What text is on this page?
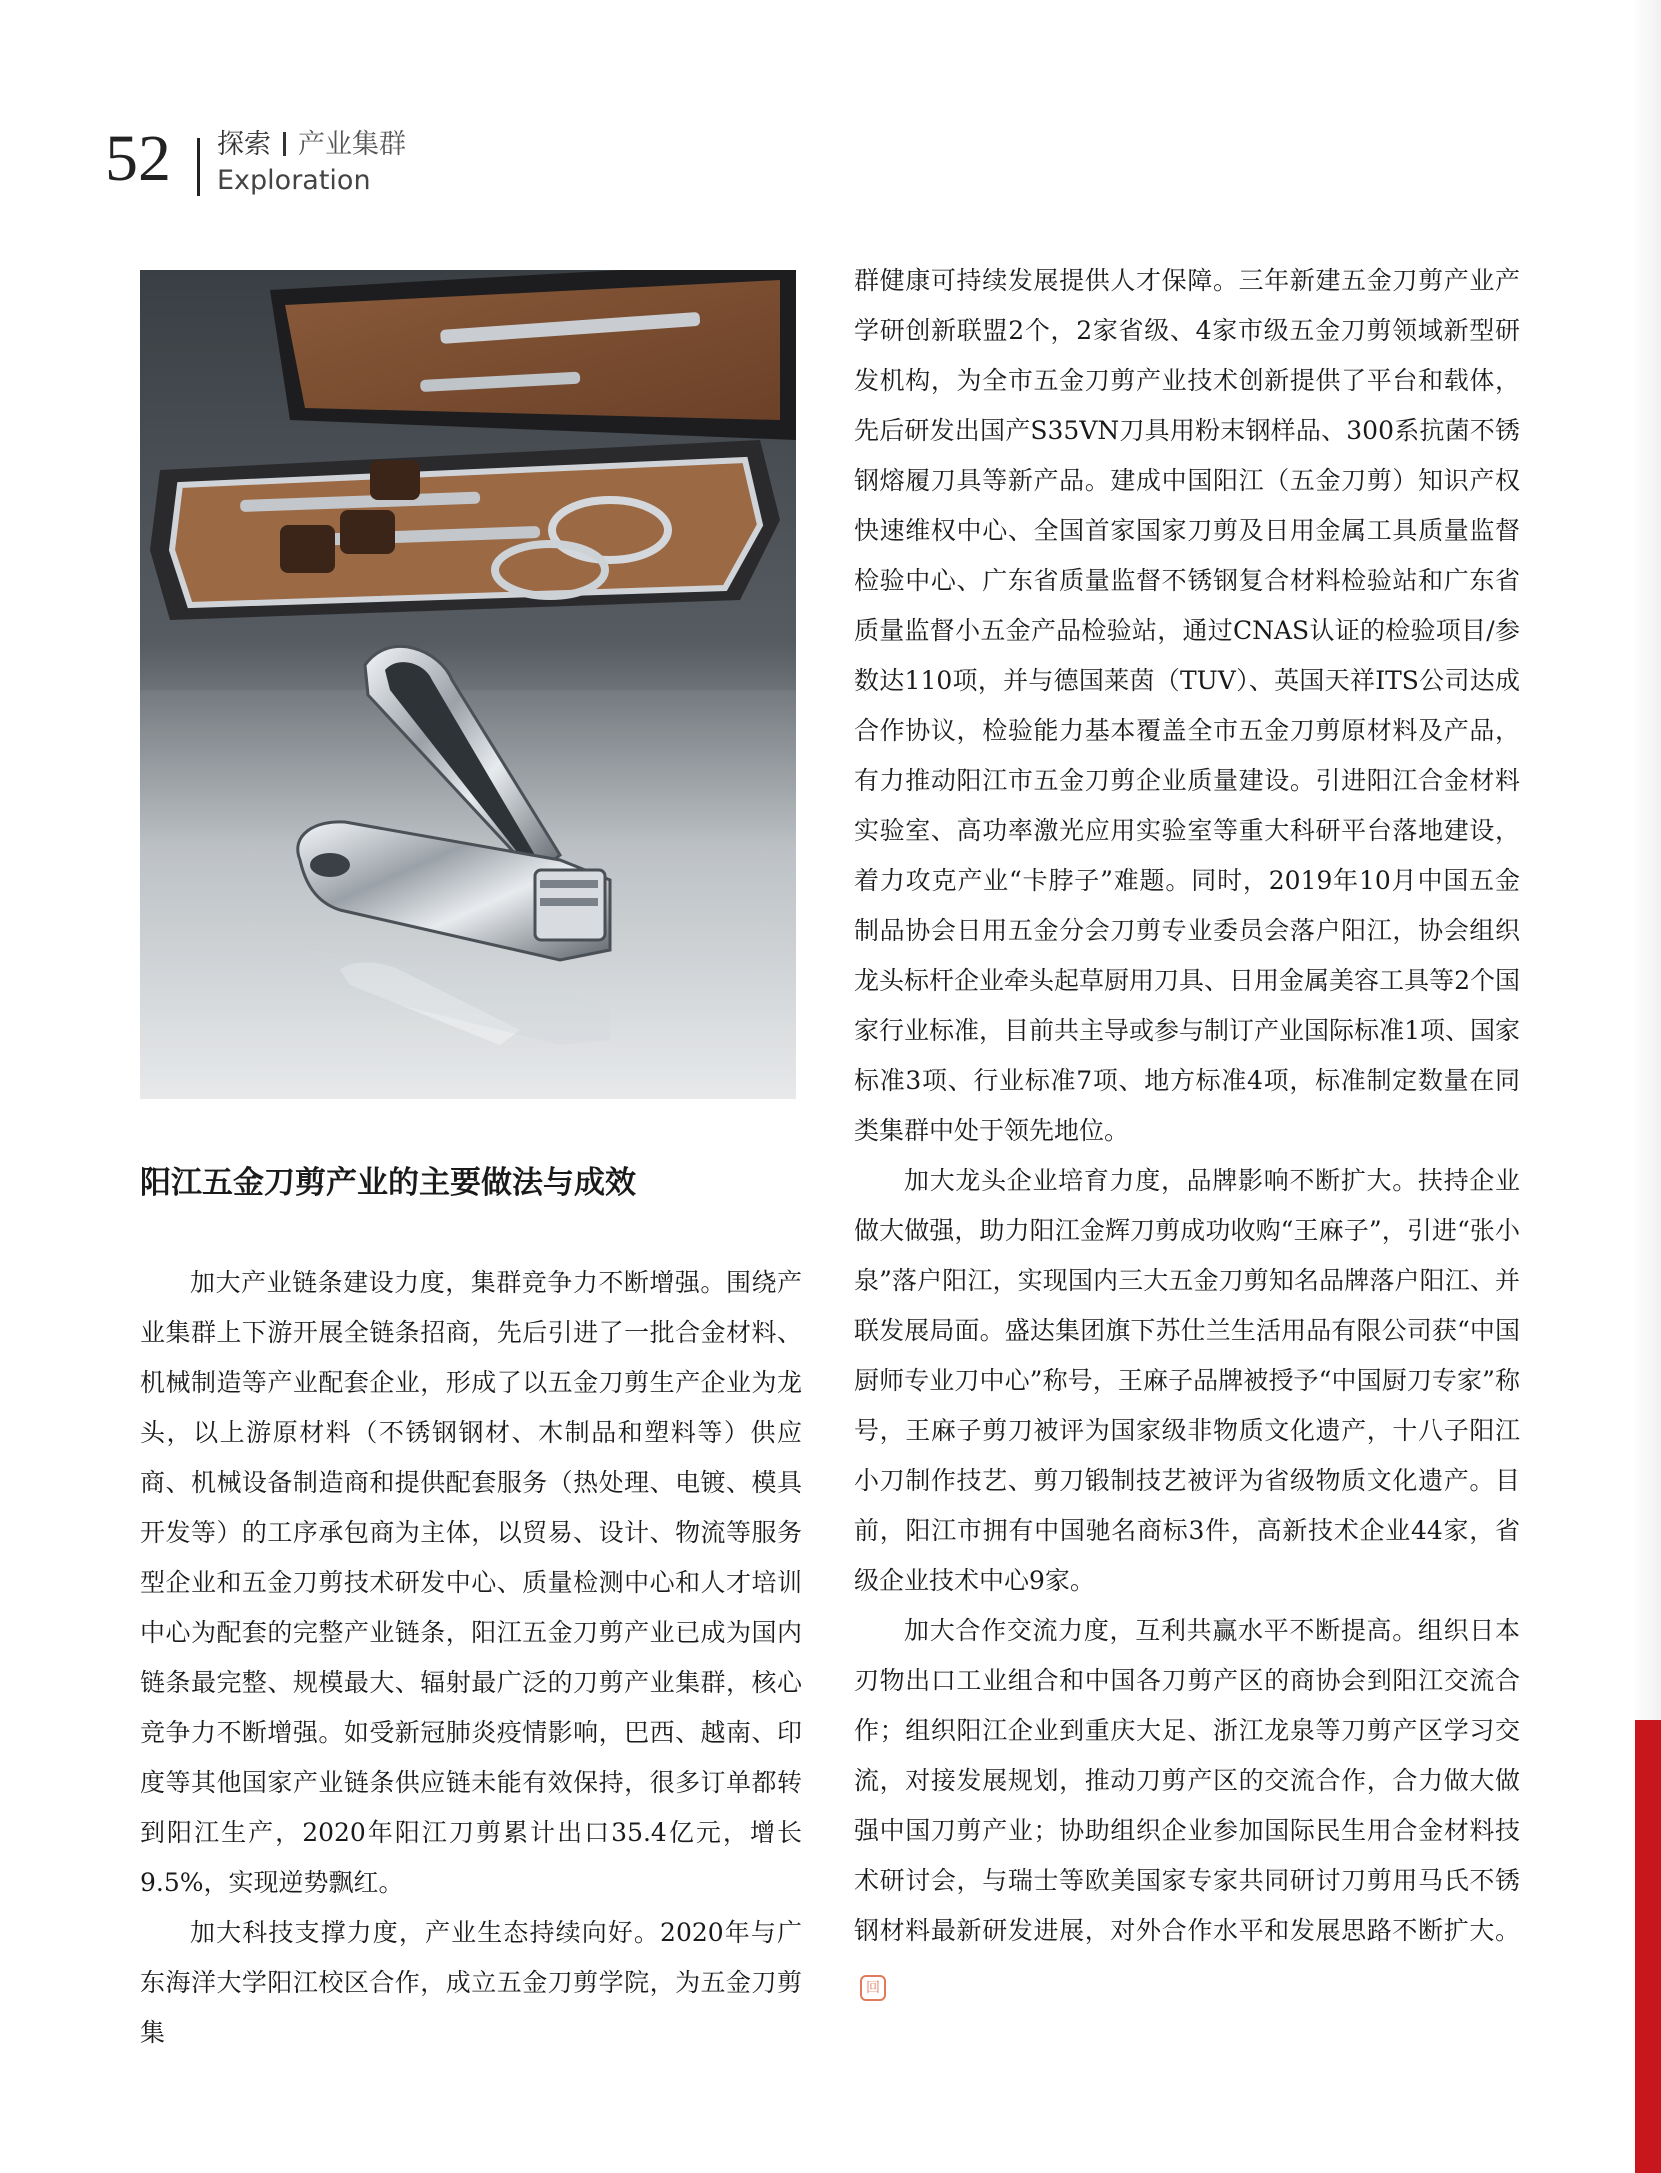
52 探索 产业集群
Exploration
阳江五金刀剪产业的主要做法与成效

加大产业链条建设力度，集群竞争力不断增强。围绕产业集群上下游开展全链条招商，先后引进了一批合金材料、机械制造等产业配套企业，形成了以五金刀剪生产企业为龙头，以上游原材料（不锈钢钢材、木制品和塑料等）供应商、机械设备制造商和提供配套服务（热处理、电镀、模具开发等）的工序承包商为主体，以贸易、设计、物流等服务型企业和五金刀剪技术研发中心、质量检测中心和人才培训中心为配套的完整产业链条，阳江五金刀剪产业已成为国内链条最完整、规模最大、辐射最广泛的刀剪产业集群，核心竞争力不断增强。如受新冠肺炎疫情影响，巴西、越南、印度等其他国家产业链条供应链未能有效保持，很多订单都转到阳江生产，2020年阳江刀剪累计出口35.4亿元，增长9.5%，实现逆势飘红。

加大科技支撑力度，产业生态持续向好。2020年与广东海洋大学阳江校区合作，成立五金刀剪学院，为五金刀剪集

群健康可持续发展提供人才保障。三年新建五金刀剪产业产学研创新联盟2个，2家省级、4家市级五金刀剪领域新型研发机构，为全市五金刀剪产业技术创新提供了平台和载体，先后研发出国产S35VN刀具用粉末钢样品、300系抗菌不锈钢熔履刀具等新产品。建成中国阳江（五金刀剪）知识产权快速维权中心、全国首家国家刀剪及日用金属工具质量监督检验中心、广东省质量监督不锈钢复合材料检验站和广东省质量监督小五金产品检验站，通过CNAS认证的检验项目/参数达110项，并与德国莱茵（TUV）、英国天祥ITS公司达成合作协议，检验能力基本覆盖全市五金刀剪原材料及产品，有力推动阳江市五金刀剪企业质量建设。引进阳江合金材料实验室、高功率激光应用实验室等重大科研平台落地建设，着力攻克产业“卡脖子”难题。同时，2019年10月中国五金制品协会日用五金分会刀剪专业委员会落户阳江，协会组织龙头标杆企业牵头起草厨用刀具、日用金属美容工具等2个国家行业标准，目前共主导或参与制订产业国际标准1项、国家标准3项、行业标准7项、地方标准4项，标准制定数量在同类集群中处于领先地位。

加大龙头企业培育力度，品牌影响不断扩大。扶持企业做大做强，助力阳江金辉刀剪成功收购“王麻子”，引进“张小泉”落户阳江，实现国内三大五金刀剪知名品牌落户阳江、并联发展局面。盛达集团旗下苏仕兰生活用品有限公司获“中国厨师专业刀中心”称号，王麻子品牌被授予“中国厨刀专家”称号，王麻子剪刀被评为国家级非物质文化遗产，十八子阳江小刀制作技艺、剪刀锻制技艺被评为省级物质文化遗产。目前，阳江市拥有中国驰名商标3件，高新技术企业44家，省级企业技术中心9家。

加大合作交流力度，互利共赢水平不断提高。组织日本刃物出口工业组合和中国各刀剪产区的商协会到阳江交流合作；组织阳江企业到重庆大足、浙江龙泉等刀剪产区学习交流，对接发展规划，推动刀剪产区的交流合作，合力做大做强中国刀剪产业；协助组织企业参加国际民生用合金材料技术研讨会，与瑞士等欧美国家专家共同研讨刀剪用马氏不锈钢材料最新研发进展，对外合作水平和发展思路不断扩大。回
